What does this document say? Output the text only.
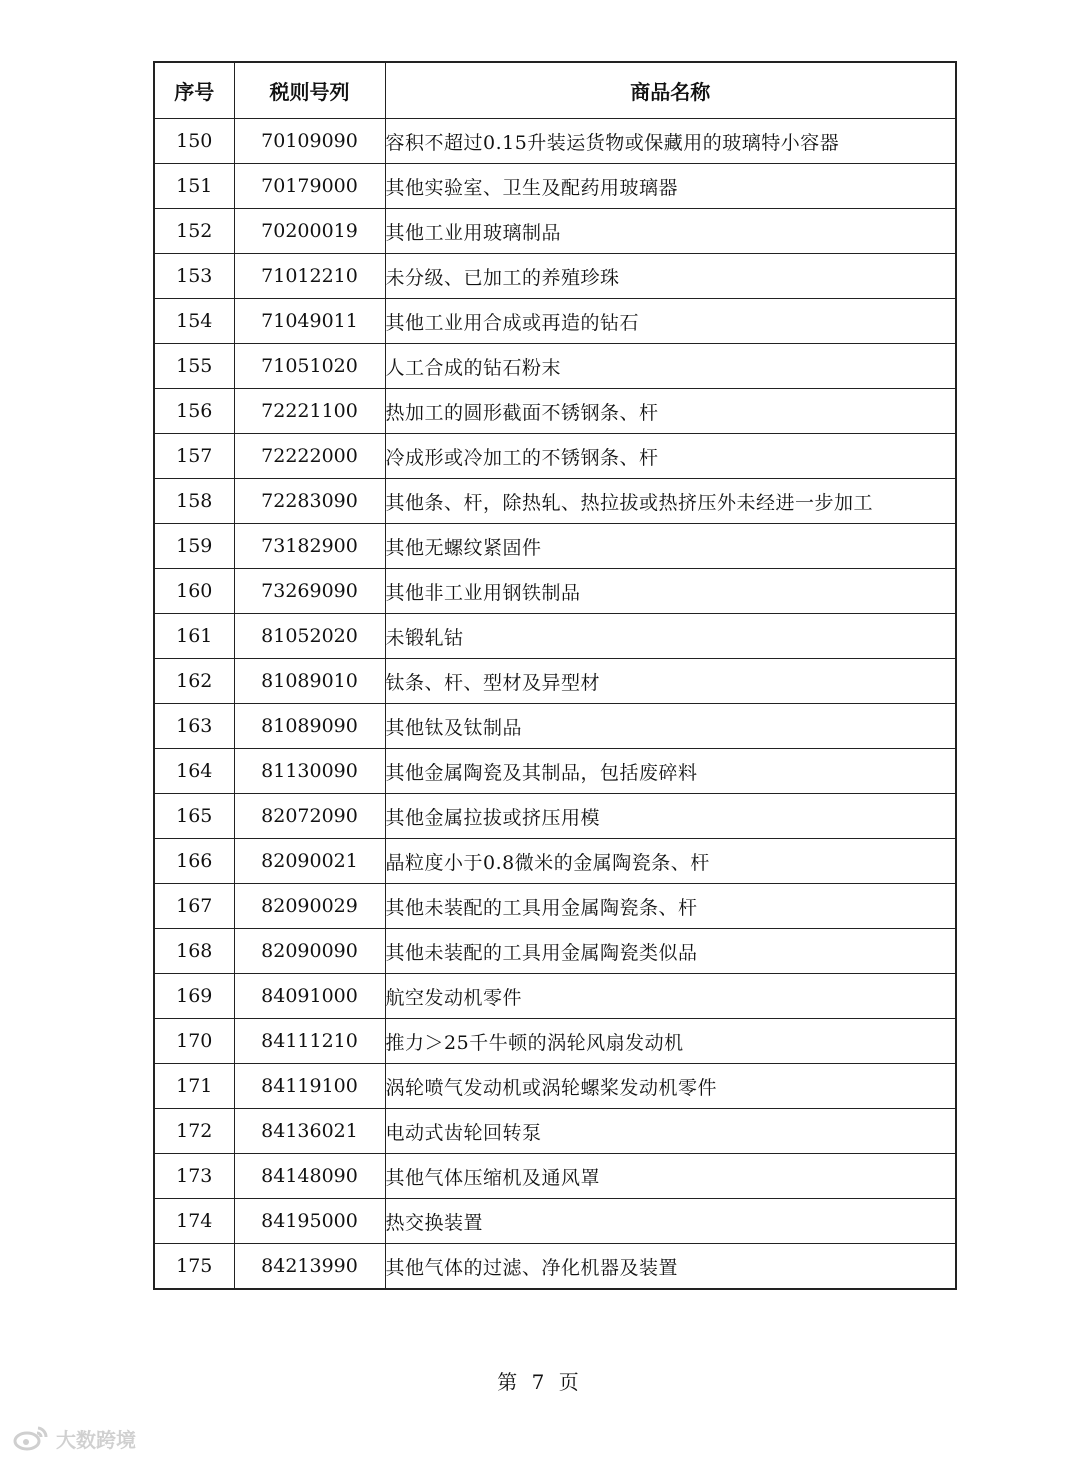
序号	税则号列	商品名称
150	70109090	容积不超过0.15升装运货物或保藏用的玻璃特小容器
151	70179000	其他实验室、卫生及配药用玻璃器
152	70200019	其他工业用玻璃制品
153	71012210	未分级、已加工的养殖珍珠
154	71049011	其他工业用合成或再造的钻石
155	71051020	人工合成的钻石粉末
156	72221100	热加工的圆形截面不锈钢条、杆
157	72222000	冷成形或冷加工的不锈钢条、杆
158	72283090	其他条、杆，除热轧、热拉拔或热挤压外未经进一步加工
159	73182900	其他无螺纹紧固件
160	73269090	其他非工业用钢铁制品
161	81052020	未锻轧钴
162	81089010	钛条、杆、型材及异型材
163	81089090	其他钛及钛制品
164	81130090	其他金属陶瓷及其制品，包括废碎料
165	82072090	其他金属拉拔或挤压用模
166	82090021	晶粒度小于0.8微米的金属陶瓷条、杆
167	82090029	其他未装配的工具用金属陶瓷条、杆
168	82090090	其他未装配的工具用金属陶瓷类似品
169	84091000	航空发动机零件
170	84111210	推力＞25千牛顿的涡轮风扇发动机
171	84119100	涡轮喷气发动机或涡轮螺桨发动机零件
172	84136021	电动式齿轮回转泵
173	84148090	其他气体压缩机及通风罩
174	84195000	热交换装置
175	84213990	其他气体的过滤、净化机器及装置
第 7 页
大数跨境
